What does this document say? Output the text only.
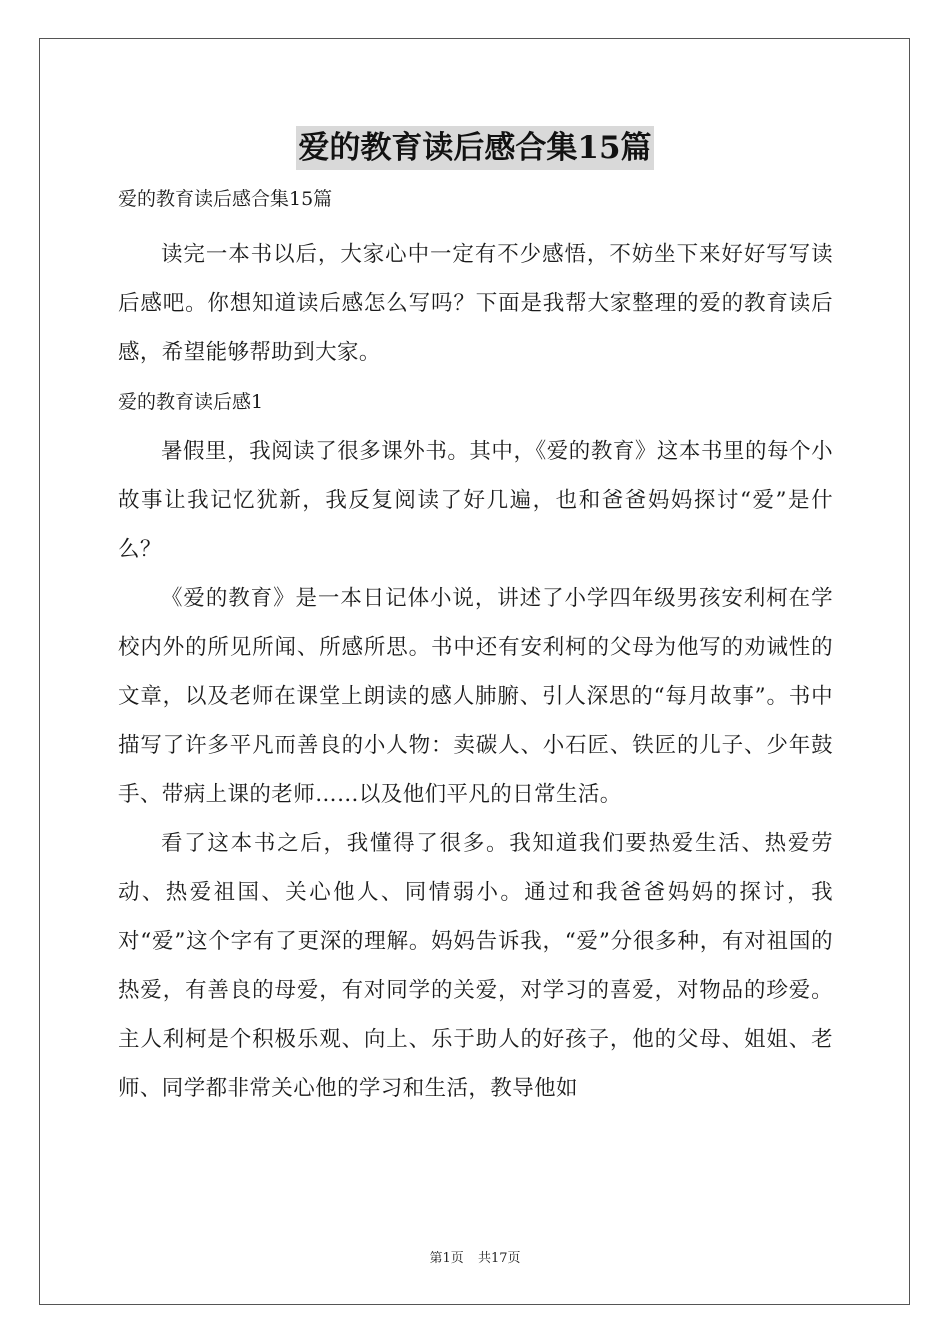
爱的教育读后感合集15篇
爱的教育读后感合集15篇

读完一本书以后，大家心中一定有不少感悟，不妨坐下来好好写写读后感吧。你想知道读后感怎么写吗？下面是我帮大家整理的爱的教育读后感，希望能够帮助到大家。

爱的教育读后感1

暑假里，我阅读了很多课外书。其中，《爱的教育》这本书里的每个小故事让我记忆犹新，我反复阅读了好几遍，也和爸爸妈妈探讨“爱”是什么？

《爱的教育》是一本日记体小说，讲述了小学四年级男孩安利柯在学校内外的所见所闻、所感所思。书中还有安利柯的父母为他写的劝诫性的文章，以及老师在课堂上朗读的感人肺腑、引人深思的“每月故事”。书中描写了许多平凡而善良的小人物：卖碳人、小石匠、铁匠的儿子、少年鼓手、带病上课的老师……以及他们平凡的日常生活。

看了这本书之后，我懂得了很多。我知道我们要热爱生活、热爱劳动、热爱祖国、关心他人、同情弱小。通过和我爸爸妈妈的探讨，我对“爱”这个字有了更深的理解。妈妈告诉我，“爱”分很多种，有对祖国的热爱，有善良的母爱，有对同学的关爱，对学习的喜爱，对物品的珍爱。主人利柯是个积极乐观、向上、乐于助人的好孩子，他的父母、姐姐、老师、同学都非常关心他的学习和生活，教导他如

第1页 共17页
